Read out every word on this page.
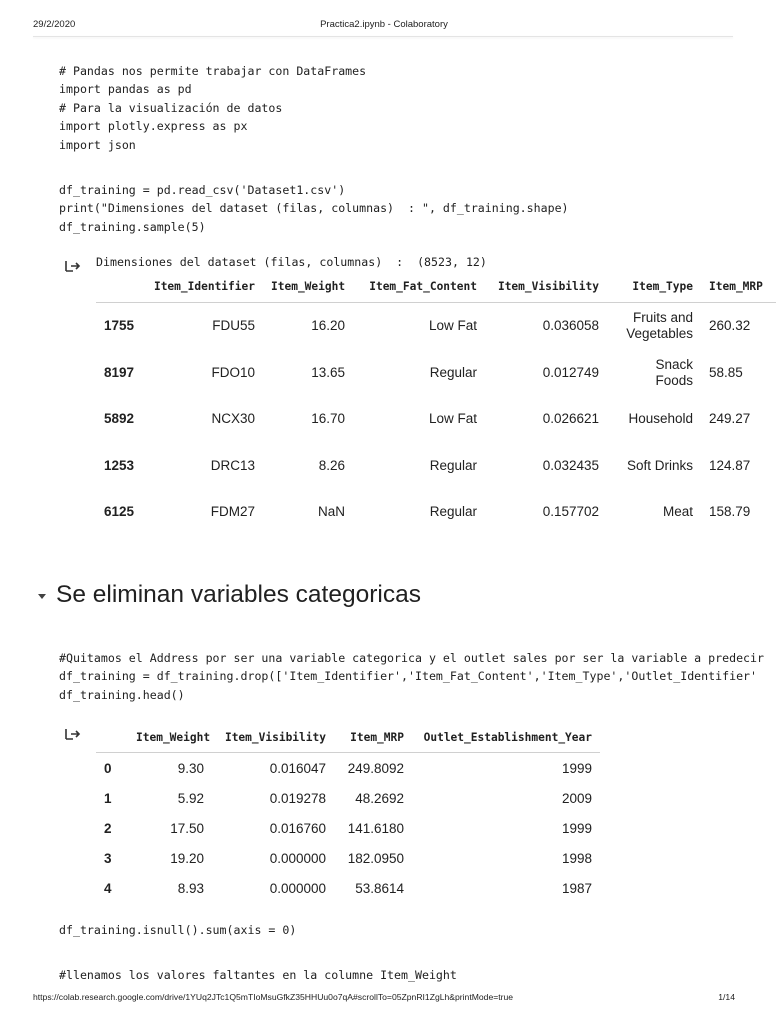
29/2/2020	Practica2.ipynb - Colaboratory
# Pandas nos permite trabajar con DataFrames
import pandas as pd
# Para la visualización de datos
import plotly.express as px
import json
df_training = pd.read_csv('Dataset1.csv')
print("Dimensiones del dataset (filas, columnas)  : ", df_training.shape)
df_training.sample(5)
Dimensiones del dataset (filas, columnas)  :  (8523, 12)
	Item_Identifier	Item_Weight	Item_Fat_Content	Item_Visibility	Item_Type	Item_MRP
1755	FDU55	16.20	Low Fat	0.036058	Fruits and Vegetables	260.32
8197	FDO10	13.65	Regular	0.012749	Snack Foods	58.85
5892	NCX30	16.70	Low Fat	0.026621	Household	249.27
1253	DRC13	8.26	Regular	0.032435	Soft Drinks	124.87
6125	FDM27	NaN	Regular	0.157702	Meat	158.79
Se eliminan variables categoricas
#Quitamos el Address por ser una variable categorica y el outlet sales por ser la variable a predecir
df_training = df_training.drop(['Item_Identifier','Item_Fat_Content','Item_Type','Outlet_Identifier'
df_training.head()
	Item_Weight	Item_Visibility	Item_MRP	Outlet_Establishment_Year
0	9.30	0.016047	249.8092	1999
1	5.92	0.019278	48.2692	2009
2	17.50	0.016760	141.6180	1999
3	19.20	0.000000	182.0950	1998
4	8.93	0.000000	53.8614	1987
df_training.isnull().sum(axis = 0)
#llenamos los valores faltantes en la columne Item_Weight
https://colab.research.google.com/drive/1YUq2JTc1Q5mTIoMsuGfkZ35HHUu0o7qA#scrollTo=05ZpnRI1ZgLh&printMode=true	1/14
